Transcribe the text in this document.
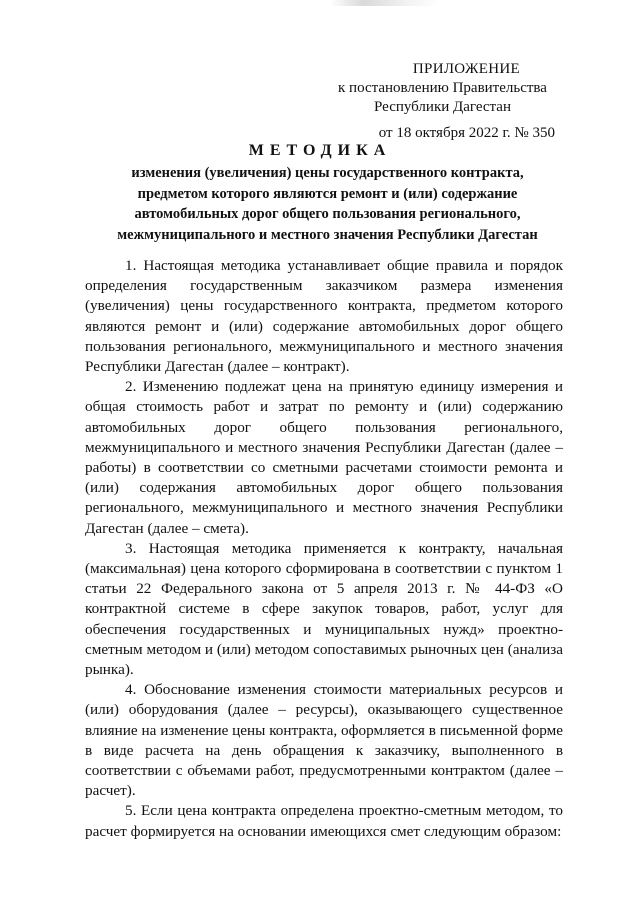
ПРИЛОЖЕНИЕ
к постановлению Правительства
Республики Дагестан
от 18 октября 2022 г. № 350
МЕТОДИКА
изменения (увеличения) цены государственного контракта,
предметом которого являются ремонт и (или) содержание
автомобильных дорог общего пользования регионального,
межмуниципального и местного значения Республики Дагестан

1. Настоящая методика устанавливает общие правила и порядок определения государственным заказчиком размера изменения (увеличения) цены государственного контракта, предметом которого являются ремонт и (или) содержание автомобильных дорог общего пользования регионального, межмуниципального и местного значения Республики Дагестан (далее – контракт).

2. Изменению подлежат цена на принятую единицу измерения и общая стоимость работ и затрат по ремонту и (или) содержанию автомобильных дорог общего пользования регионального, межмуниципального и местного значения Республики Дагестан (далее – работы) в соответствии со сметными расчетами стоимости ремонта и (или) содержания автомобильных дорог общего пользования регионального, межмуниципального и местного значения Республики Дагестан (далее – смета).

3. Настоящая методика применяется к контракту, начальная (максимальная) цена которого сформирована в соответствии с пунктом 1 статьи 22 Федерального закона от 5 апреля 2013 г. № 44-ФЗ «О контрактной системе в сфере закупок товаров, работ, услуг для обеспечения государственных и муниципальных нужд» проектно-сметным методом и (или) методом сопоставимых рыночных цен (анализа рынка).

4. Обоснование изменения стоимости материальных ресурсов и (или) оборудования (далее – ресурсы), оказывающего существенное влияние на изменение цены контракта, оформляется в письменной форме в виде расчета на день обращения к заказчику, выполненного в соответствии с объемами работ, предусмотренными контрактом (далее – расчет).

5. Если цена контракта определена проектно-сметным методом, то расчет формируется на основании имеющихся смет следующим образом:
